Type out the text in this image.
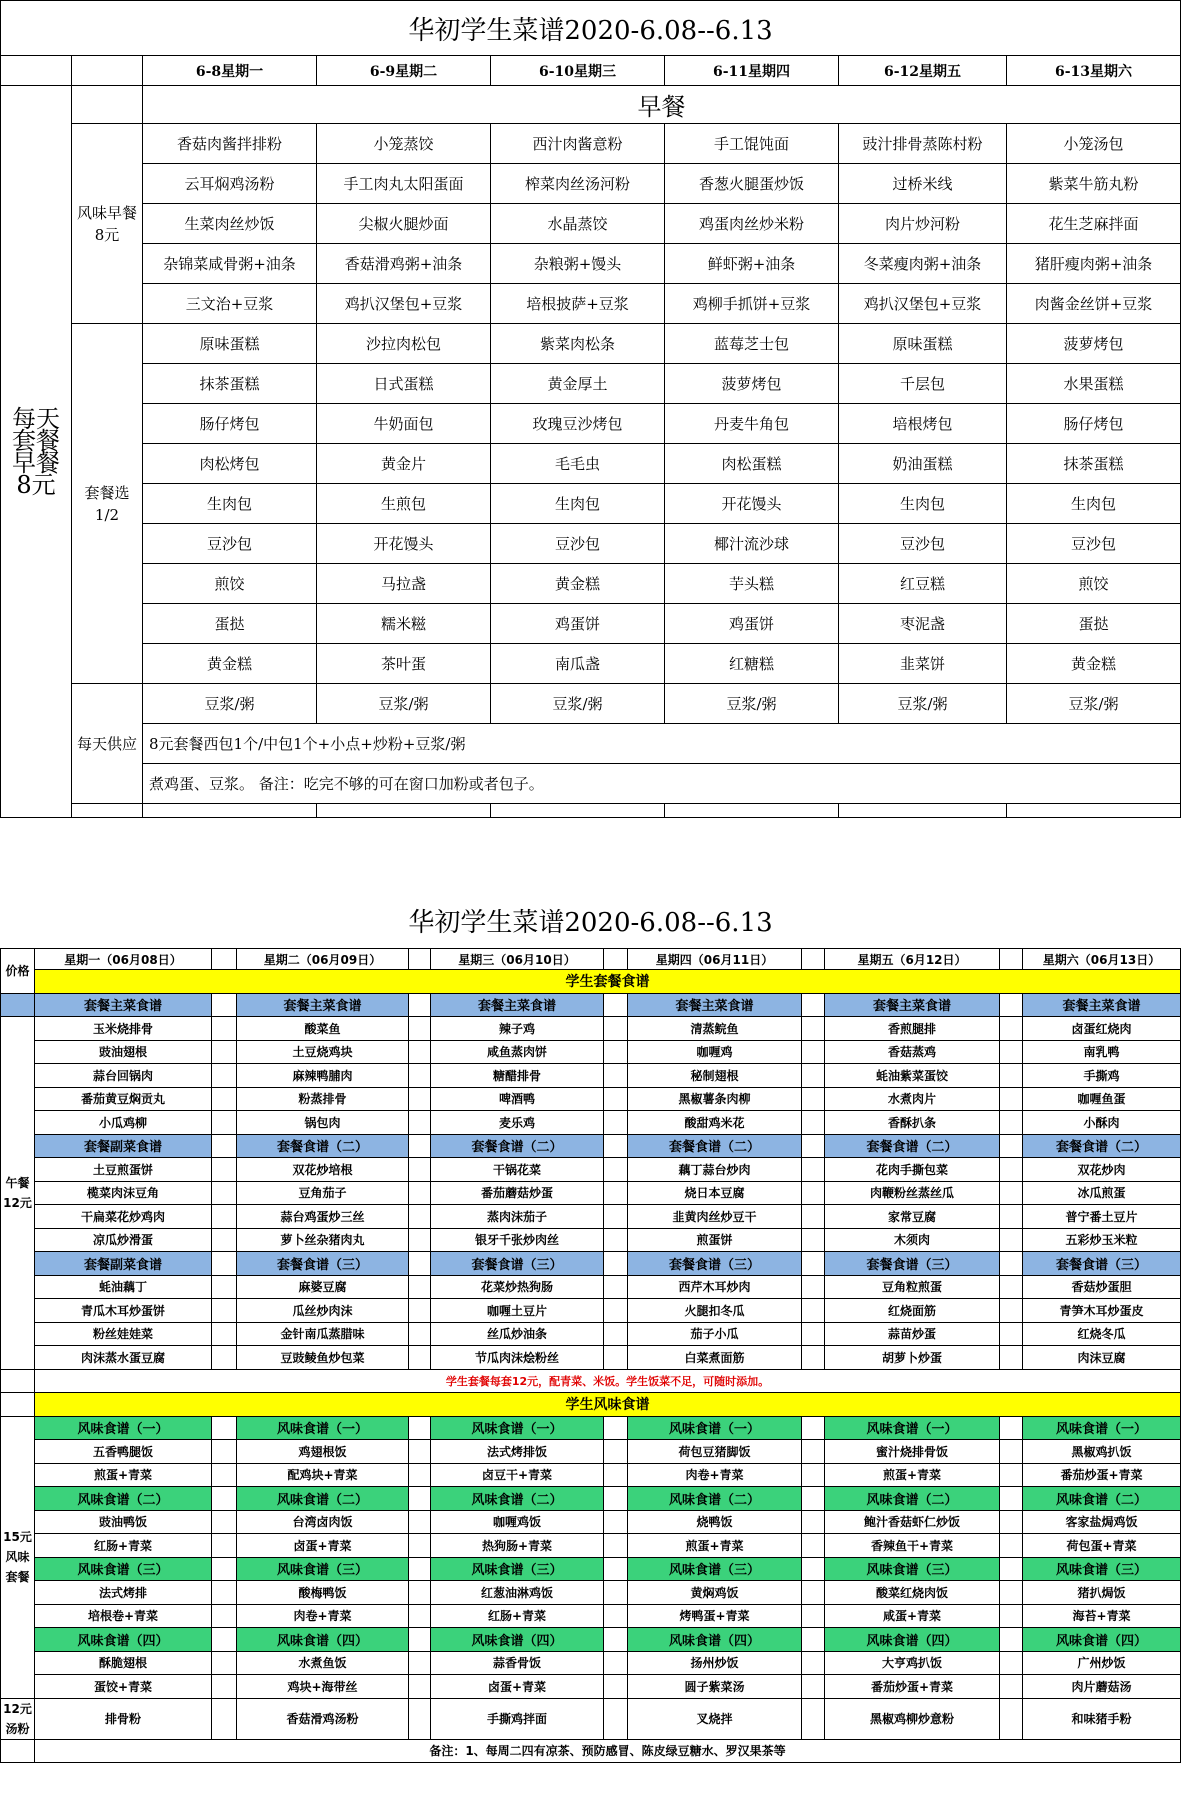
华初学生菜谱2020-6.08--6.13							
		6-8星期一	6-9星期二	6-10星期三	6-11星期四	6-12星期五	6-13星期六
每天套餐早餐8元		早餐					
	风味早餐8元	香菇肉酱拌排粉	小笼蒸饺	西汁肉酱意粉	手工馄饨面	豉汁排骨蒸陈村粉	小笼汤包
		云耳焖鸡汤粉	手工肉丸太阳蛋面	榨菜肉丝汤河粉	香葱火腿蛋炒饭	过桥米线	紫菜牛筋丸粉
		生菜肉丝炒饭	尖椒火腿炒面	水晶蒸饺	鸡蛋肉丝炒米粉	肉片炒河粉	花生芝麻拌面
		杂锦菜咸骨粥+油条	香菇滑鸡粥+油条	杂粮粥+馒头	鲜虾粥+油条	冬菜瘦肉粥+油条	猪肝瘦肉粥+油条
		三文治+豆浆	鸡扒汉堡包+豆浆	培根披萨+豆浆	鸡柳手抓饼+豆浆	鸡扒汉堡包+豆浆	肉酱金丝饼+豆浆
	套餐选1/2	原味蛋糕	沙拉肉松包	紫菜肉松条	蓝莓芝士包	原味蛋糕	菠萝烤包
		抹茶蛋糕	日式蛋糕	黄金厚土	菠萝烤包	千层包	水果蛋糕
		肠仔烤包	牛奶面包	玫瑰豆沙烤包	丹麦牛角包	培根烤包	肠仔烤包
		肉松烤包	黄金片	毛毛虫	肉松蛋糕	奶油蛋糕	抹茶蛋糕
		生肉包	生煎包	生肉包	开花馒头	生肉包	生肉包
		豆沙包	开花馒头	豆沙包	椰汁流沙球	豆沙包	豆沙包
		煎饺	马拉盏	黄金糕	芋头糕	红豆糕	煎饺
		蛋挞	糯米糍	鸡蛋饼	鸡蛋饼	枣泥盏	蛋挞
		黄金糕	茶叶蛋	南瓜盏	红糖糕	韭菜饼	黄金糕
	每天供应	豆浆/粥	豆浆/粥	豆浆/粥	豆浆/粥	豆浆/粥	豆浆/粥
		8元套餐西包1个/中包1个+小点+炒粉+豆浆/粥					
		煮鸡蛋、豆浆。 备注：吃完不够的可在窗口加粉或者包子。					

华初学生菜谱2020-6.08--6.13
价格	星期一（06月08日）		星期二（06月09日）		星期三（06月10日）		星期四（06月11日）		星期五（6月12日）		星期六（06月13日）
	学生套餐食谱										
	套餐主菜食谱		套餐主菜食谱		套餐主菜食谱		套餐主菜食谱		套餐主菜食谱		套餐主菜食谱
午餐12元	玉米烧排骨		酸菜鱼		辣子鸡		清蒸鲩鱼		香煎腿排		卤蛋红烧肉
	豉油翅根		土豆烧鸡块		咸鱼蒸肉饼		咖喱鸡		香菇蒸鸡		南乳鸭
	蒜台回锅肉		麻辣鸭脯肉		糖醋排骨		秘制翅根		蚝油紫菜蛋饺		手撕鸡
	番茄黄豆焖贡丸		粉蒸排骨		啤酒鸭		黑椒薯条肉柳		水煮肉片		咖喱鱼蛋
	小瓜鸡柳		锅包肉		麦乐鸡		酸甜鸡米花		香酥扒条		小酥肉
	套餐副菜食谱		套餐食谱（二）		套餐食谱（二）		套餐食谱（二）		套餐食谱（二）		套餐食谱（二）
	土豆煎蛋饼		双花炒培根		干锅花菜		藕丁蒜台炒肉		花肉手撕包菜		双花炒肉
	榄菜肉沫豆角		豆角茄子		番茄蘑菇炒蛋		烧日本豆腐		肉鞭粉丝蒸丝瓜		冰瓜煎蛋
	干扁菜花炒鸡肉		蒜台鸡蛋炒三丝		蒸肉沫茄子		韭黄肉丝炒豆干		家常豆腐		普宁番土豆片
	凉瓜炒滑蛋		萝卜丝杂猪肉丸		银牙千张炒肉丝		煎蛋饼		木须肉		五彩炒玉米粒
	套餐副菜食谱		套餐食谱（三）		套餐食谱（三）		套餐食谱（三）		套餐食谱（三）		套餐食谱（三）
	蚝油藕丁		麻婆豆腐		花菜炒热狗肠		西芹木耳炒肉		豆角粒煎蛋		香菇炒蛋胆
	青瓜木耳炒蛋饼		瓜丝炒肉沫		咖喱土豆片		火腿扣冬瓜		红烧面筋		青笋木耳炒蛋皮
	粉丝娃娃菜		金针南瓜蒸腊味		丝瓜炒油条		茄子小瓜		蒜苗炒蛋		红烧冬瓜
	肉沫蒸水蛋豆腐		豆豉鲮鱼炒包菜		节瓜肉沫烩粉丝		白菜煮面筋		胡萝卜炒蛋		肉沫豆腐
	学生套餐每套12元，配青菜、米饭。学生饭菜不足，可随时添加。										
	学生风味食谱										
15元风味套餐	风味食谱（一）		风味食谱（一）		风味食谱（一）		风味食谱（一）		风味食谱（一）		风味食谱（一）
	五香鸭腿饭		鸡翅根饭		法式烤排饭		荷包豆猪脚饭		蜜汁烧排骨饭		黑椒鸡扒饭
	煎蛋+青菜		配鸡块+青菜		卤豆干+青菜		肉卷+青菜		煎蛋+青菜		番茄炒蛋+青菜
	风味食谱（二）		风味食谱（二）		风味食谱（二）		风味食谱（二）		风味食谱（二）		风味食谱（二）
	豉油鸭饭		台湾卤肉饭		咖喱鸡饭		烧鸭饭		鲍汁香菇虾仁炒饭		客家盐焗鸡饭
	红肠+青菜		卤蛋+青菜		热狗肠+青菜		煎蛋+青菜		香辣鱼干+青菜		荷包蛋+青菜
	风味食谱（三）		风味食谱（三）		风味食谱（三）		风味食谱（三）		风味食谱（三）		风味食谱（三）
	法式烤排		酸梅鸭饭		红葱油淋鸡饭		黄焖鸡饭		酸菜红烧肉饭		猪扒焗饭
	培根卷+青菜		肉卷+青菜		红肠+青菜		烤鸭蛋+青菜		咸蛋+青菜		海苔+青菜
	风味食谱（四）		风味食谱（四）		风味食谱（四）		风味食谱（四）		风味食谱（四）		风味食谱（四）
	酥脆翅根		水煮鱼饭		蒜香骨饭		扬州炒饭		大亨鸡扒饭		广州炒饭
	蛋饺+青菜		鸡块+海带丝		卤蛋+青菜		圆子紫菜汤		番茄炒蛋+青菜		肉片蘑菇汤
12元汤粉	排骨粉		香菇滑鸡汤粉		手撕鸡拌面		叉烧拌		黑椒鸡柳炒意粉		和味猪手粉
	备注：1、每周二四有凉茶、预防感冒、陈皮绿豆糖水、罗汉果茶等										
